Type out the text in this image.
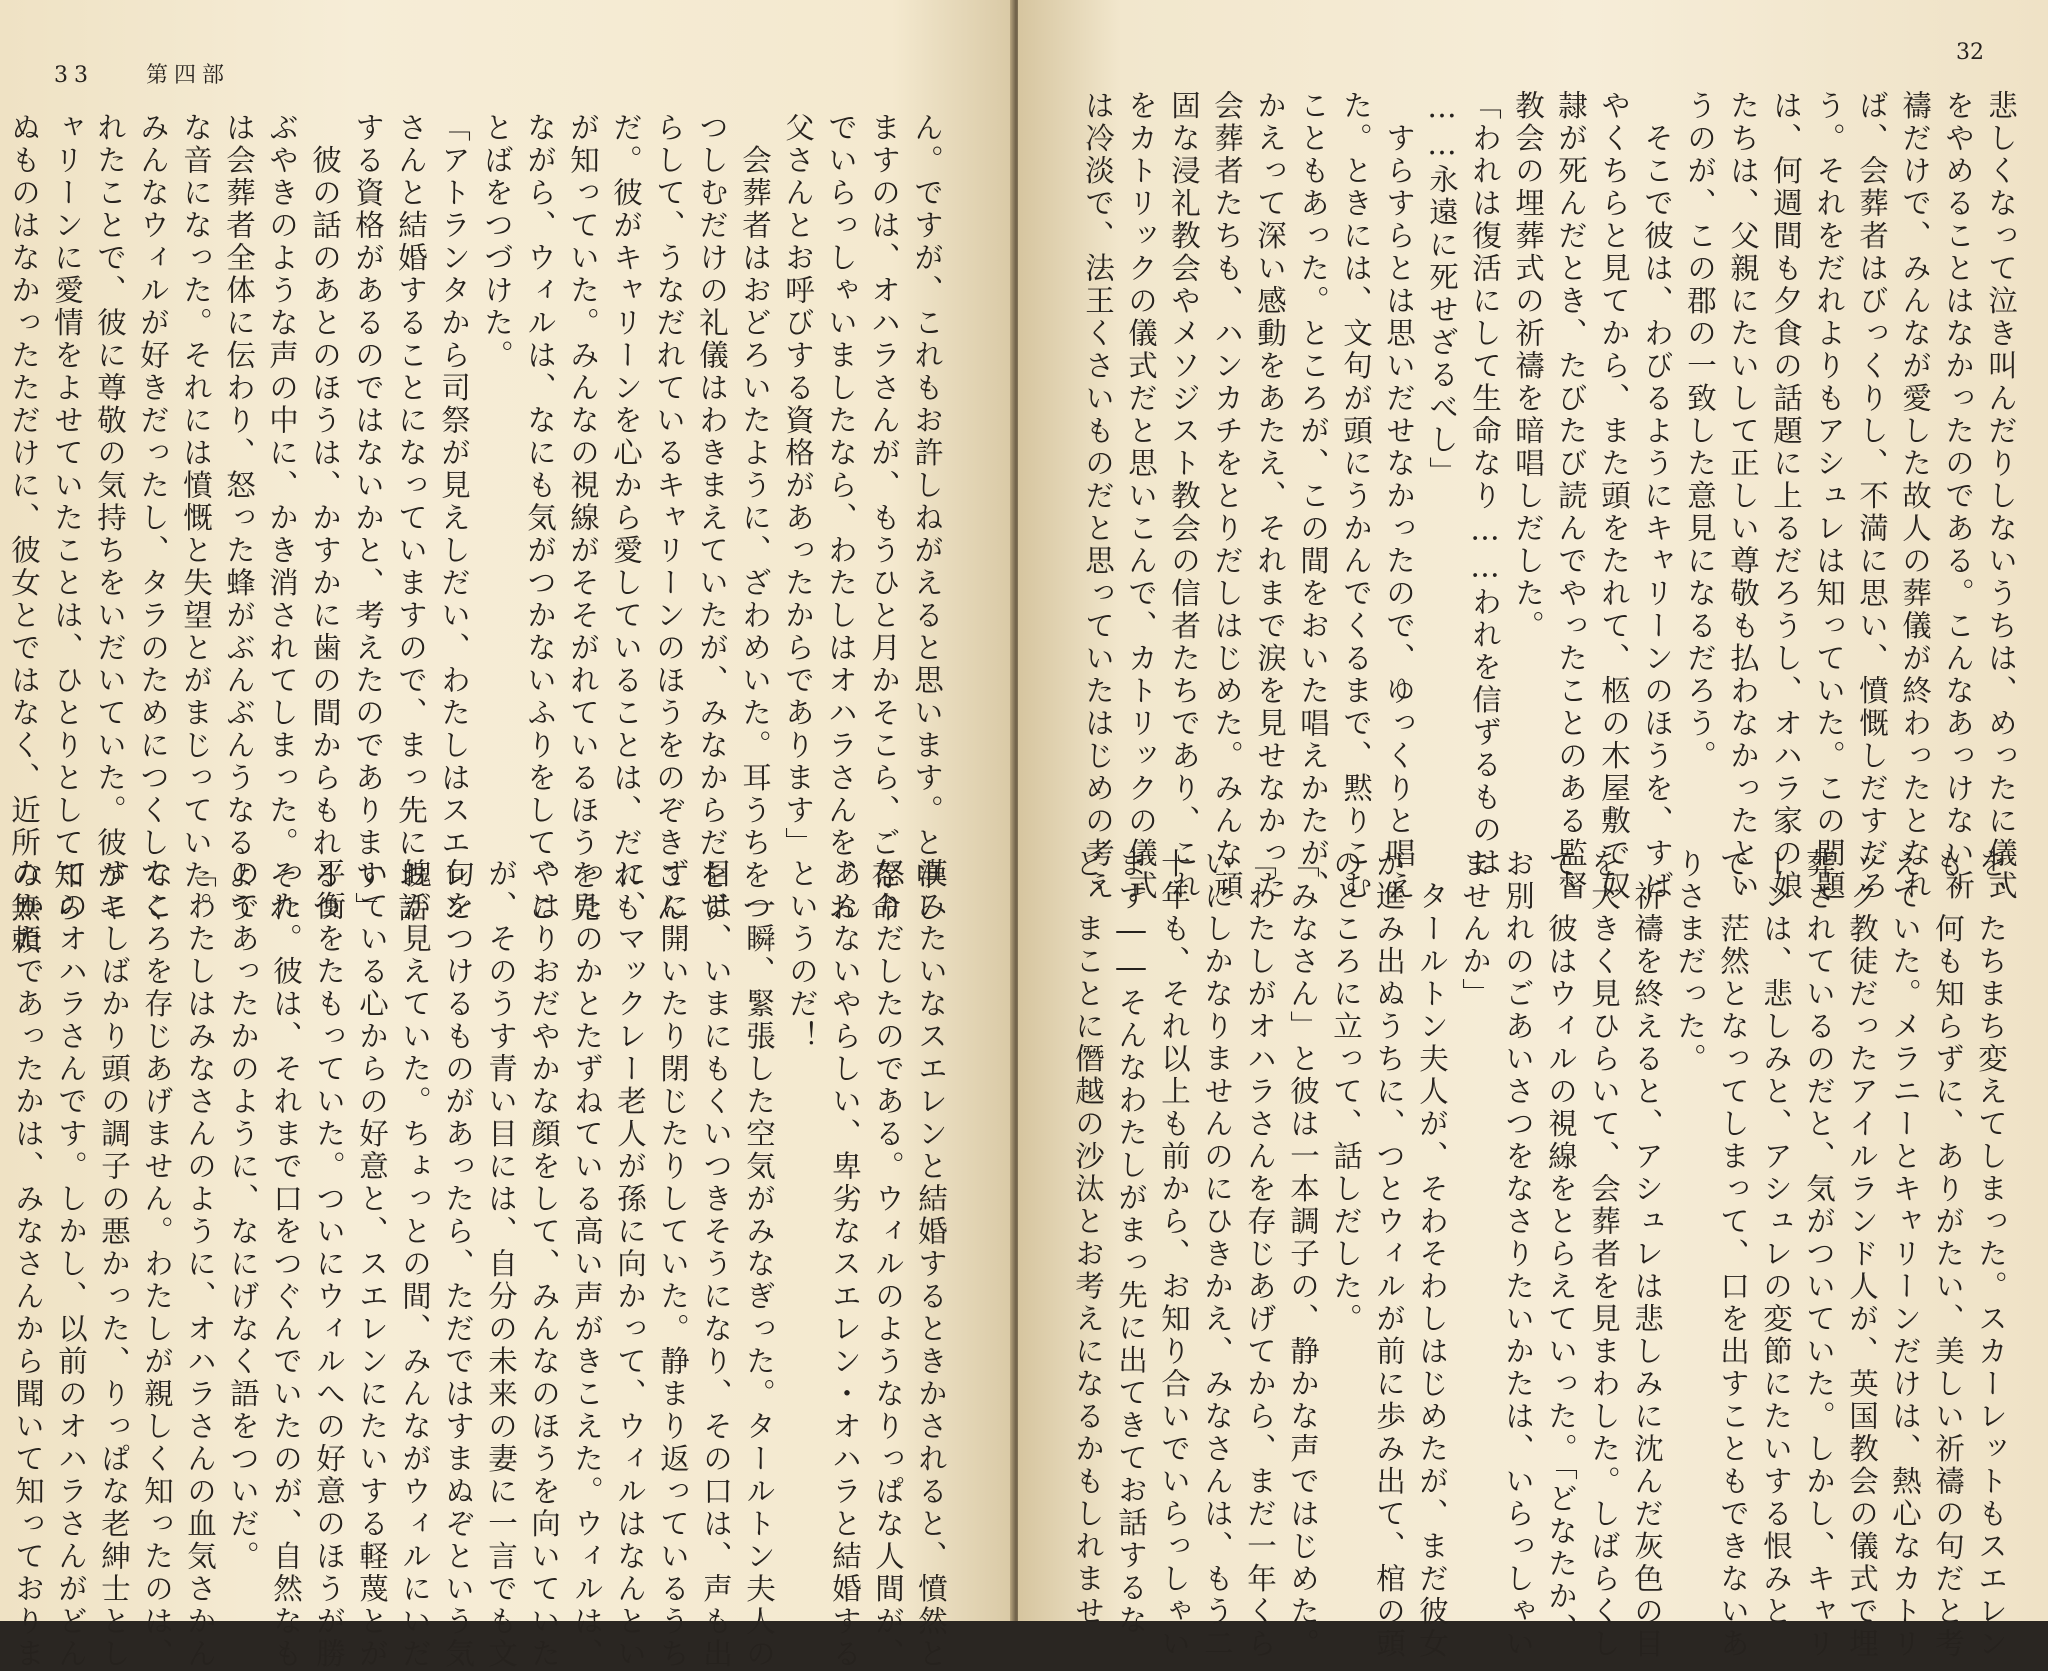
33 第四部
ん。ですが、これもお許しねがえると思います。と申し
ますのは、オハラさんが、もうひと月かそこら、ご存命
でいらっしゃいましたなら、わたしはオハラさんを、お
父さんとお呼びする資格があったからであります」
　会葬者はおどろいたように、ざわめいた。耳うちをつ
つしむだけの礼儀はわきまえていたが、みなからだをず
らして、うなだれているキャリーンのほうをのぞきこん
だ。彼がキャリーンを心から愛していることは、だれも
が知っていた。みんなの視線がそそがれているほうを見
ながら、ウィルは、なにも気がつかないふりをして、こ
とばをつづけた。
「アトランタから司祭が見えしだい、わたしはスエレン
さんと結婚することになっていますので、まっ先にお話
する資格があるのではないかと、考えたのであります」
　彼の話のあとのほうは、かすかに歯の間からもれるつ
ぶやきのような声の中に、かき消されてしまった。それ
は会葬者全体に伝わり、怒った蜂がぶんぶんうなるよう
な音になった。それには憤慨と失望とがまじっていた。
みんなウィルが好きだったし、タラのためにつくしてく
れたことで、彼に尊敬の気持ちをいだいていた。彼がキ
ャリーンに愛情をよせていたことは、ひとりとして知ら
ぬものはなかったただけに、彼女とではなく、近所の無頼

漢みたいなスエレンと結婚するときかされると、憤然と
怒りだしたのである。ウィルのようなりっぱな人間が、
あんないやらしい、卑劣なスエレン・オハラと結婚する
というのだ！
　一瞬、緊張した空気がみなぎった。タールトン夫人の
目は、いまにもくいつきそうになり、その口は、声も出
ずに開いたり閉じたりしていた。静まり返っているうち
に、マックレー老人が孫に向かって、ウィルはなんとい
ったのかとたずねている高い声がきこえた。ウィルは、
やはりおだやかな顔をして、みんなのほうを向いていた
が、そのうす青い目には、自分の未来の妻に一言でも文
句をつけるものがあったら、ただではすまぬぞという気
魄が見えていた。ちょっとの間、みんながウィルにいだ
いている心からの好意と、スエレンにたいする軽蔑とが
平衡をたもっていた。ついにウィルへの好意のほうが勝
った。彼は、それまで口をつぐんでいたのが、自然なも
のであったかのように、なにげなく語をついだ。
「わたしはみなさんのように、オハラさんの血気さかん
なころを存じあげません。わたしが親しく知ったのは、
すこしばかり頭の調子の悪かった、りっぱな老紳士とし
てのオハラさんです。しかし、以前のオハラさんがどん
なかたであったかは、みなさんから聞いて知っておりま

32
悲しくなって泣き叫んだりしないうちは、めったに儀式
をやめることはなかったのである。こんなあっけない祈
禱だけで、みんなが愛した故人の葬儀が終わったとなれ
ば、会葬者はびっくりし、不満に思い、憤慨しだすだろ
う。それをだれよりもアシュレは知っていた。この問題
は、何週間も夕食の話題に上るだろうし、オハラ家の娘
たちは、父親にたいして正しい尊敬も払わなかったとい
うのが、この郡の一致した意見になるだろう。
　そこで彼は、わびるようにキャリーンのほうを、すば
やくちらと見てから、また頭をたれて、柩の木屋敷で奴
隷が死んだとき、たびたび読んでやったことのある監督
教会の埋葬式の祈禱を暗唱しだした。
「われは復活にして生命なり……われを信ずるものは
……永遠に死せざるべし」
　すらすらとは思いだせなかったので、ゆっくりと唱え
た。ときには、文句が頭にうかんでくるまで、黙りこむ
こともあった。ところが、この間をおいた唱えかたが、
かえって深い感動をあたえ、それまで涙を見せなかった
会葬者たちも、ハンカチをとりだしはじめた。みんな頑
固な浸礼教会やメソジスト教会の信者たちであり、これ
をカトリックの儀式だと思いこんで、カトリックの儀式
は冷淡で、法王くさいものだと思っていたはじめの考え

を、たちまち変えてしまった。スカーレットもスエレン
も、何も知らずに、ありがたい、美しい祈禱の句だと考
えていた。メラニーとキャリーンだけは、熱心なカトリ
ック教徒だったアイルランド人が、英国教会の儀式で埋
葬されているのだと、気がついていた。しかし、キャリ
ーンは、悲しみと、アシュレの変節にたいする恨みと
で、茫然となってしまって、口を出すこともできないあ
りさまだった。
　祈禱を終えると、アシュレは悲しみに沈んだ灰色の目
を大きく見ひらいて、会葬者を見まわした。しばらくし
て、彼はウィルの視線をとらえていった。「どなたか、
お別れのごあいさつをなさりたいかたは、いらっしゃい
ませんか」
　タールトン夫人が、そわそわしはじめたが、まだ彼女
が進み出ぬうちに、つとウィルが前に歩み出て、棺の頭
のところに立って、話しだした。
「みなさん」と彼は一本調子の、静かな声ではじめた。
「わたしがオハラさんを存じあげてから、まだ一年くら
いにしかなりませんのにひきかえ、みなさんは、もう二
十年も、それ以上も前から、お知り合いでいらっしゃい
ます――そんなわたしがまっ先に出てきてお話するな
ど、まことに僭越の沙汰とお考えになるかもしれませ
